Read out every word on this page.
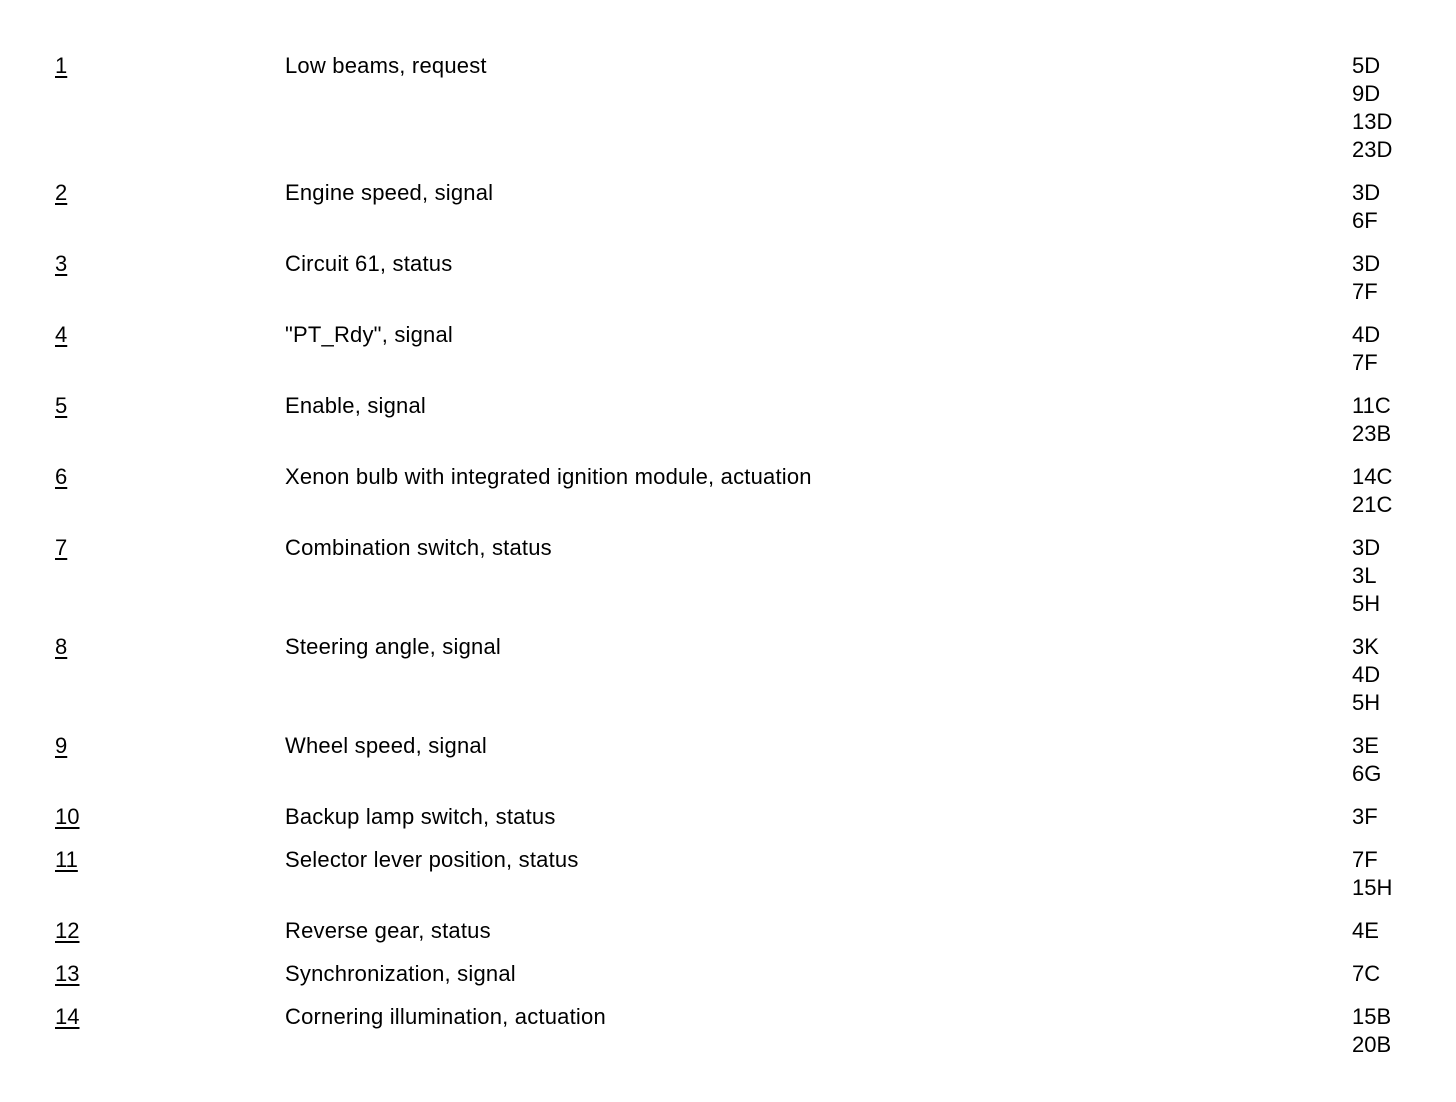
1	Low beams, request	5D
9D
13D
23D
2	Engine speed, signal	3D
6F
3	Circuit 61, status	3D
7F
4	"PT_Rdy", signal	4D
7F
5	Enable, signal	11C
23B
6	Xenon bulb with integrated ignition module, actuation	14C
21C
7	Combination switch, status	3D
3L
5H
8	Steering angle, signal	3K
4D
5H
9	Wheel speed, signal	3E
6G
10	Backup lamp switch, status	3F
11	Selector lever position, status	7F
15H
12	Reverse gear, status	4E
13	Synchronization, signal	7C
14	Cornering illumination, actuation	15B
20B
